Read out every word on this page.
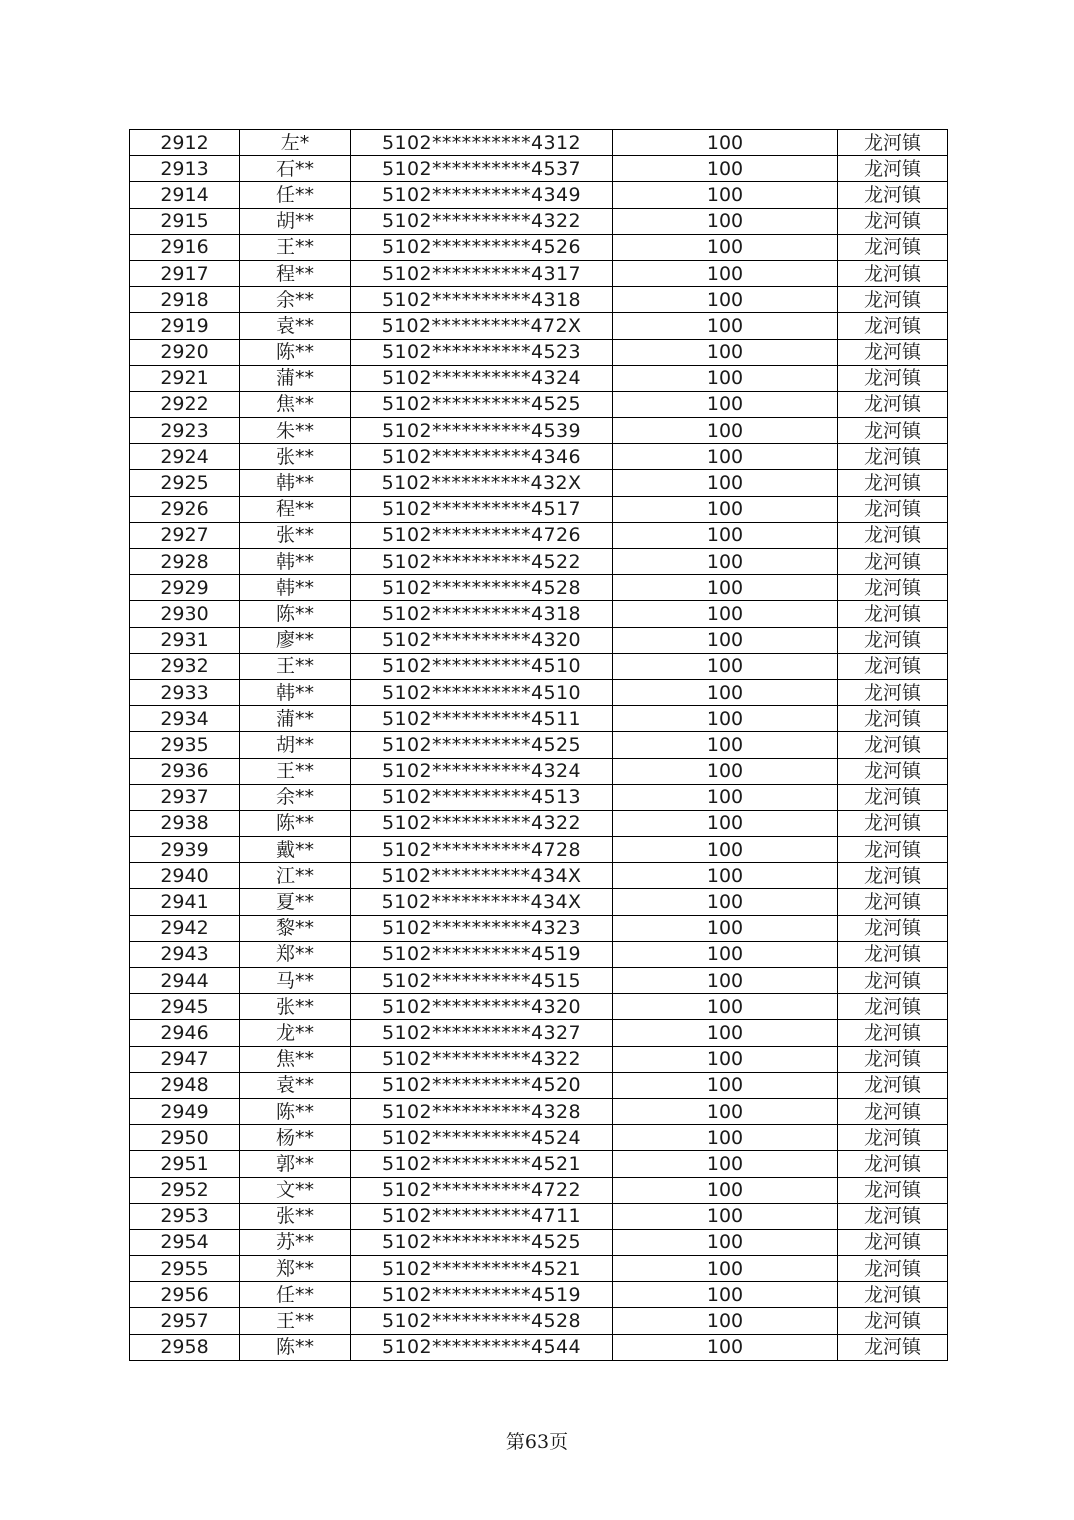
2912	左*	5102**********4312	100	龙河镇
2913	石**	5102**********4537	100	龙河镇
2914	任**	5102**********4349	100	龙河镇
2915	胡**	5102**********4322	100	龙河镇
2916	王**	5102**********4526	100	龙河镇
2917	程**	5102**********4317	100	龙河镇
2918	余**	5102**********4318	100	龙河镇
2919	袁**	5102**********472X	100	龙河镇
2920	陈**	5102**********4523	100	龙河镇
2921	蒲**	5102**********4324	100	龙河镇
2922	焦**	5102**********4525	100	龙河镇
2923	朱**	5102**********4539	100	龙河镇
2924	张**	5102**********4346	100	龙河镇
2925	韩**	5102**********432X	100	龙河镇
2926	程**	5102**********4517	100	龙河镇
2927	张**	5102**********4726	100	龙河镇
2928	韩**	5102**********4522	100	龙河镇
2929	韩**	5102**********4528	100	龙河镇
2930	陈**	5102**********4318	100	龙河镇
2931	廖**	5102**********4320	100	龙河镇
2932	王**	5102**********4510	100	龙河镇
2933	韩**	5102**********4510	100	龙河镇
2934	蒲**	5102**********4511	100	龙河镇
2935	胡**	5102**********4525	100	龙河镇
2936	王**	5102**********4324	100	龙河镇
2937	余**	5102**********4513	100	龙河镇
2938	陈**	5102**********4322	100	龙河镇
2939	戴**	5102**********4728	100	龙河镇
2940	江**	5102**********434X	100	龙河镇
2941	夏**	5102**********434X	100	龙河镇
2942	黎**	5102**********4323	100	龙河镇
2943	郑**	5102**********4519	100	龙河镇
2944	马**	5102**********4515	100	龙河镇
2945	张**	5102**********4320	100	龙河镇
2946	龙**	5102**********4327	100	龙河镇
2947	焦**	5102**********4322	100	龙河镇
2948	袁**	5102**********4520	100	龙河镇
2949	陈**	5102**********4328	100	龙河镇
2950	杨**	5102**********4524	100	龙河镇
2951	郭**	5102**********4521	100	龙河镇
2952	文**	5102**********4722	100	龙河镇
2953	张**	5102**********4711	100	龙河镇
2954	苏**	5102**********4525	100	龙河镇
2955	郑**	5102**********4521	100	龙河镇
2956	任**	5102**********4519	100	龙河镇
2957	王**	5102**********4528	100	龙河镇
2958	陈**	5102**********4544	100	龙河镇
第63页
